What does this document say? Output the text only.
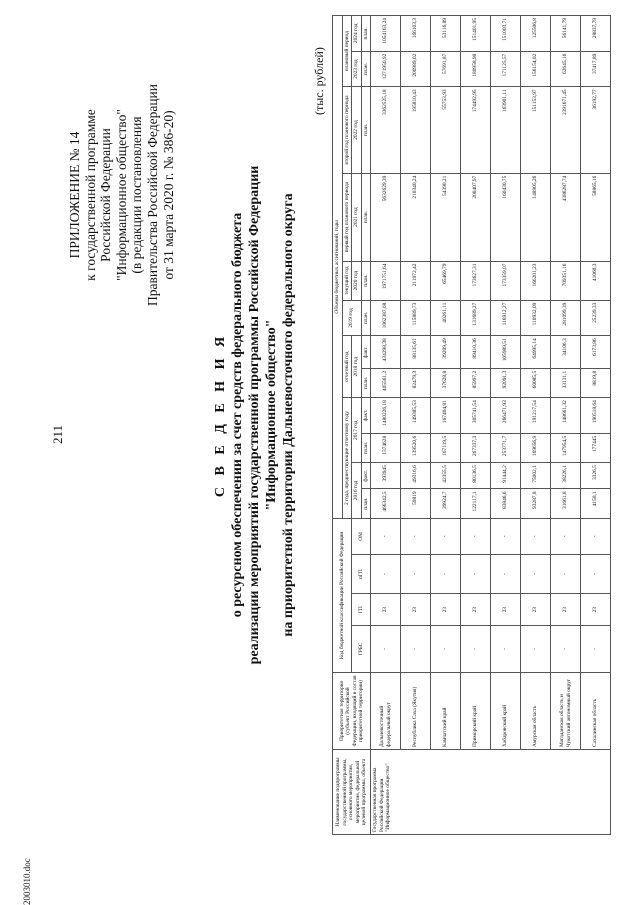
211
2003010.doc
ПРИЛОЖЕНИЕ № 14 к государственной программе Российской Федерации "Информационное общество" (в редакции постановления Правительства Российской Федерации от 31 марта 2020 г. № 386-20)
С В Е Д Е Н И Я о ресурсном обеспечении за счет средств федерального бюджета реализации мероприятий государственной программы Российской Федерации "Информационное общество" на приоритетной территории Дальневосточного федерального округа
(тыс. рублей)
Наименование подпрограммы государственной программы, основного мероприятия, мероприятия, федеральной целевой программы, объекта	Приоритетная территория (субъект Российской Федерации, входящий в состав приоритетной территории)	Код бюджетной классификации Российской Федерации				Объемы бюджетных ассигнований, годы											
						2 года, предшествующие отчетному году				отчетный год		2019 год	текущий год	первый год планового периода	второй год планового периода	плановый период	
		ГРБС	ГП	пГП	ОМ	2016 год		2017 год		2018 год			2020 год	2021 год	2022 год	2023 год	2024 год
						план.	факт.	план.	факт.	план.	факт.	план.	план.	план.	план.	план.	план.
Государственная программа Российской Федерации "Информационное общество"	Дальневосточный федеральный округ	-	23	-	-	466342,5	393945	1374628	1480226,18	405561,2	434298,38	1062387,08	1971751,64	5632629,39	3362525,18	1271950,92	1054163,24
	Республика Саха (Якутия)	-	23	-	-	59819	49316,6	139520,6	149385,53	82479,3	88135,61	115889,73	211972,42	210340,24	195810,43	200989,02	166103,3
	Камчатский край	-	23	-	-	39924,7	42355,5	167119,5	167404,81	37628,8	39209,49	40261,11	65469,79	54390,21	55753,93	57691,87	53116,89
	Приморский край	-	23	-	-	122117,1	80136,5	267337,3	305741,54	85997,2	89410,36	131689,27	173627,31	200407,97	174492,95	180958,98	151401,95
	Хабаровский край	-	23	-	-	83846,6	91444,2	253771,7	266471,93	92091,3	105989,51	116912,27	173359,07	160430,75	163901,11	171125,57	151003,71
	Амурская область	-	23	-	-	93287,8	75002,1	169656,9	191217,54	60085,5	64995,14	110932,09	166201,23	148905,26	151153,97	156154,02	125506,8
	Магаданская область и Чукотский автономный округ	-	23	-	-	31661,8	38226,1	147954,5	148661,32	33131,1	34106,3	281099,39	709351,16	4386287,74	2391671,45	62645,16	56141,79
	Сахалинская область	-	23	-	-	4158,1	3326,5	177445	190518,64	8819,8	6173,86	25239,33	41060,3	58865,16	36192,77	37417,89	28837,79
